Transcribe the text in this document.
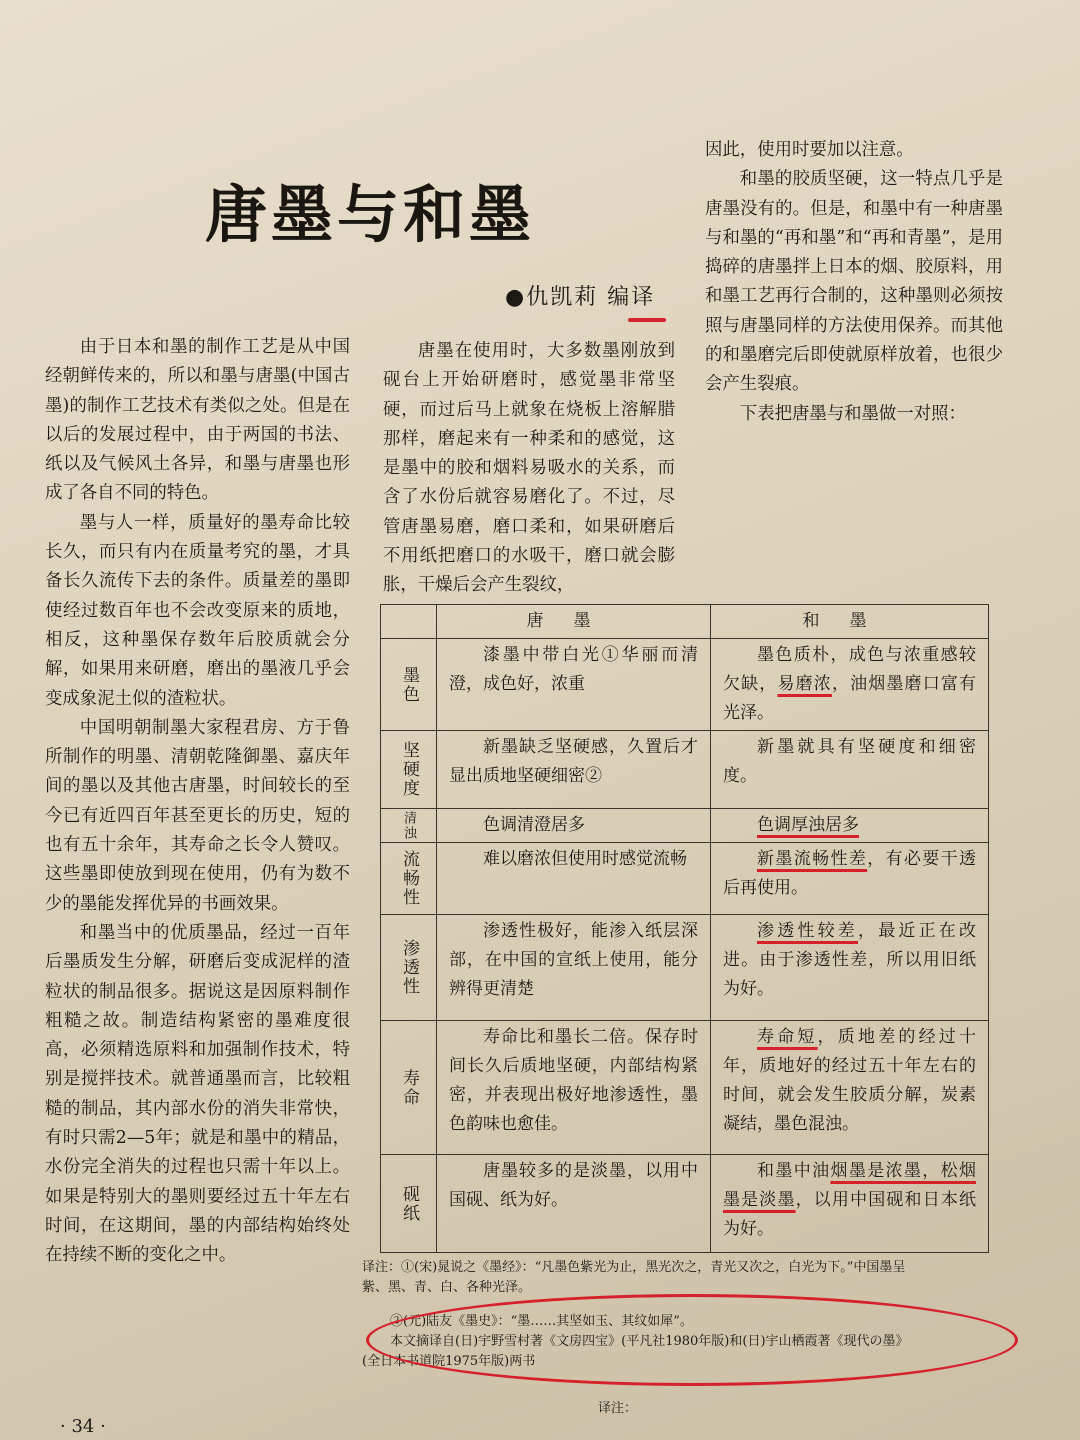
唐墨与和墨
●仇凯莉 编译

由于日本和墨的制作工艺是从中国经朝鲜传来的，所以和墨与唐墨(中国古墨)的制作工艺技术有类似之处。但是在以后的发展过程中，由于两国的书法、纸以及气候风土各异，和墨与唐墨也形成了各自不同的特色。

墨与人一样，质量好的墨寿命比较长久，而只有内在质量考究的墨，才具备长久流传下去的条件。质量差的墨即使经过数百年也不会改变原来的质地，相反，这种墨保存数年后胶质就会分解，如果用来研磨，磨出的墨液几乎会变成象泥土似的渣粒状。

中国明朝制墨大家程君房、方于鲁所制作的明墨、清朝乾隆御墨、嘉庆年间的墨以及其他古唐墨，时间较长的至今已有近四百年甚至更长的历史，短的也有五十余年，其寿命之长令人赞叹。这些墨即使放到现在使用，仍有为数不少的墨能发挥优异的书画效果。

和墨当中的优质墨品，经过一百年后墨质发生分解，研磨后变成泥样的渣粒状的制品很多。据说这是因原料制作粗糙之故。制造结构紧密的墨难度很高，必须精选原料和加强制作技术，特别是搅拌技术。就普通墨而言，比较粗糙的制品，其内部水份的消失非常快，有时只需2—5年；就是和墨中的精品，水份完全消失的过程也只需十年以上。如果是特别大的墨则要经过五十年左右时间，在这期间，墨的内部结构始终处在持续不断的变化之中。

唐墨在使用时，大多数墨刚放到砚台上开始研磨时，感觉墨非常坚硬，而过后马上就象在烧板上溶解腊那样，磨起来有一种柔和的感觉，这是墨中的胶和烟料易吸水的关系，而含了水份后就容易磨化了。不过，尽管唐墨易磨，磨口柔和，如果研磨后不用纸把磨口的水吸干，磨口就会膨胀，干燥后会产生裂纹，

因此，使用时要加以注意。

和墨的胶质坚硬，这一特点几乎是唐墨没有的。但是，和墨中有一种唐墨与和墨的“再和墨”和“再和青墨”，是用捣碎的唐墨拌上日本的烟、胶原料，用和墨工艺再行合制的，这种墨则必须按照与唐墨同样的方法使用保养。而其他的和墨磨完后即使就原样放着，也很少会产生裂痕。

下表把唐墨与和墨做一对照：

	唐墨	和墨
墨色	漆墨中带白光①华丽而清澄，成色好，浓重	墨色质朴，成色与浓重感较欠缺，易磨浓，油烟墨磨口富有光泽。
坚硬度	新墨缺乏坚硬感，久置后才显出质地坚硬细密②	新墨就具有坚硬度和细密度。
清浊	色调清澄居多	色调厚浊居多
流畅性	难以磨浓但使用时感觉流畅	新墨流畅性差，有必要干透后再使用。
渗透性	渗透性极好，能渗入纸层深部，在中国的宣纸上使用，能分辨得更清楚	渗透性较差，最近正在改进。由于渗透性差，所以用旧纸为好。
寿命	寿命比和墨长二倍。保存时间长久后质地坚硬，内部结构紧密，并表现出极好地渗透性，墨色韵味也愈佳。	寿命短，质地差的经过十年，质地好的经过五十年左右的时间，就会发生胶质分解，炭素凝结，墨色混浊。
砚纸	唐墨较多的是淡墨，以用中国砚、纸为好。	和墨中油烟墨是浓墨，松烟墨是淡墨，以用中国砚和日本纸为好。
译注：①(宋)晁说之《墨经》：“凡墨色紫光为止，黑光次之，青光又次之，白光为下。”中国墨呈
紫、黑、青、白、各种光泽。
②(元)陆友《墨史》：“墨……其坚如玉、其纹如犀”。
本文摘译自(日)宇野雪村著《文房四宝》(平凡社1980年版)和(日)宇山栖霞著《现代の墨》
(全日本书道院1975年版)两书
译注：
· 34 ·
